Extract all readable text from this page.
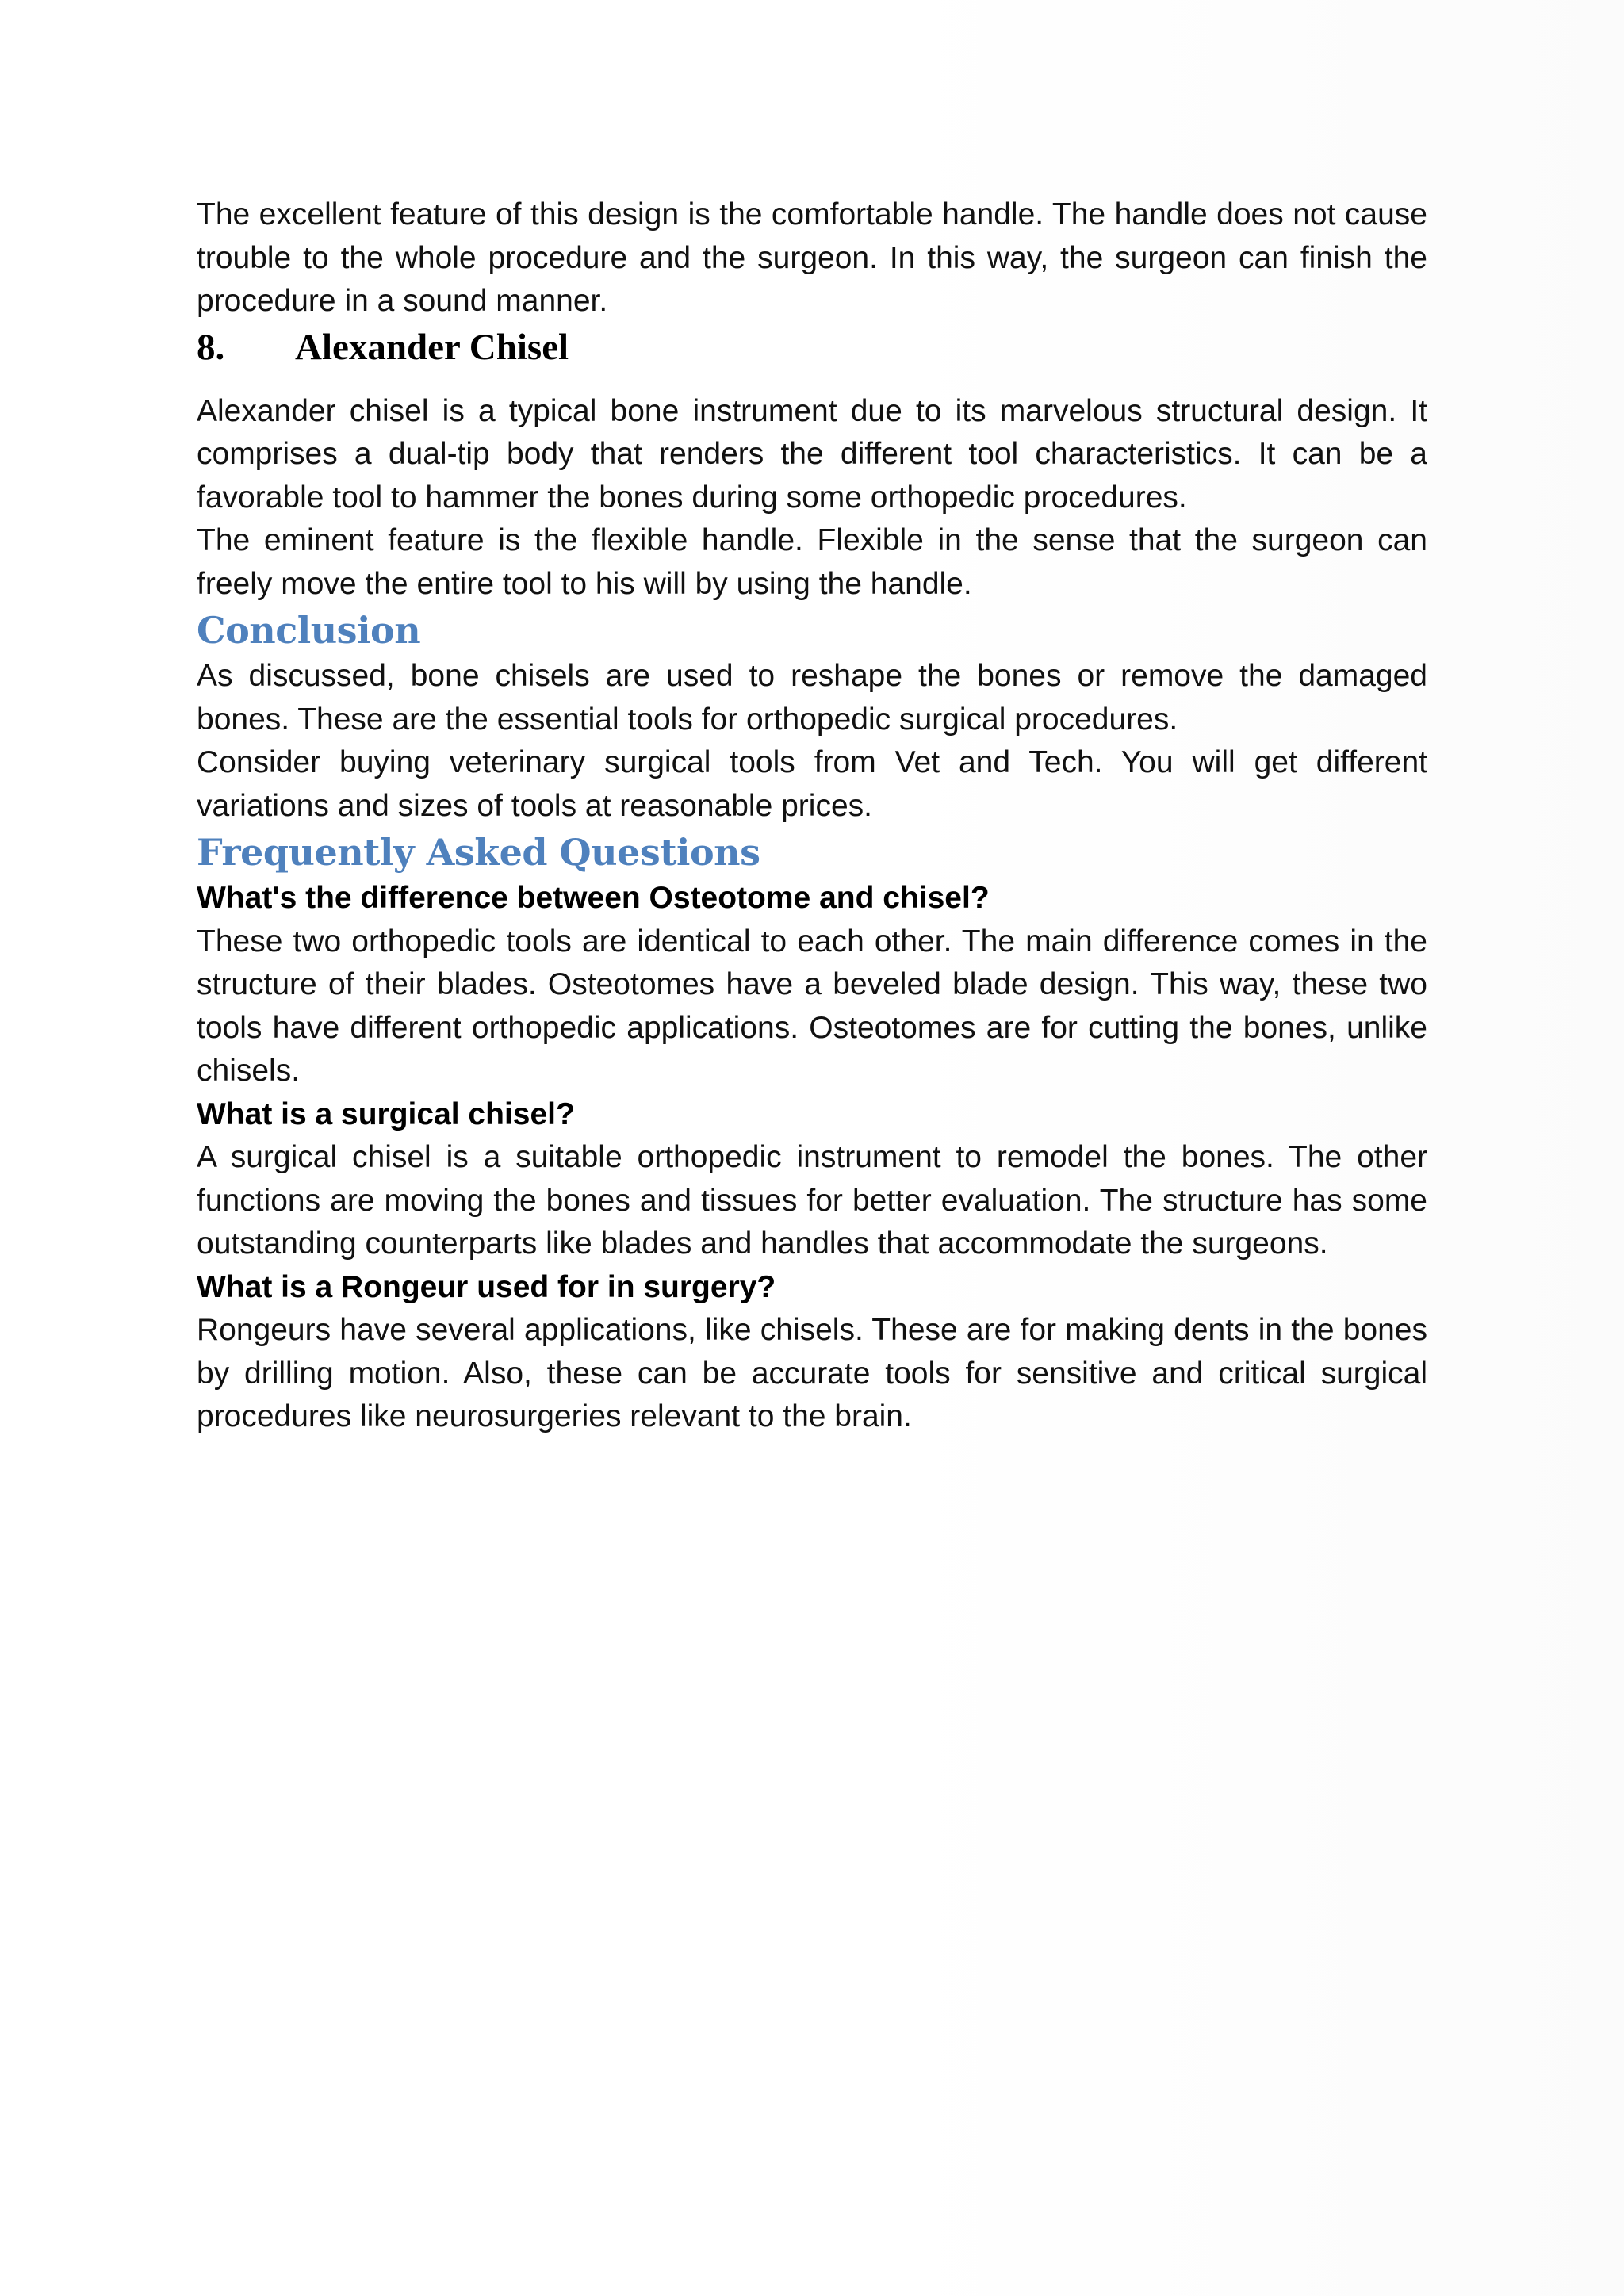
The excellent feature of this design is the comfortable handle. The handle does not cause trouble to the whole procedure and the surgeon. In this way, the surgeon can finish the procedure in a sound manner.

8.	Alexander Chisel

Alexander chisel is a typical bone instrument due to its marvelous structural design. It comprises a dual-tip body that renders the different tool characteristics. It can be a favorable tool to hammer the bones during some orthopedic procedures.

The eminent feature is the flexible handle. Flexible in the sense that the surgeon can freely move the entire tool to his will by using the handle.

Conclusion

As discussed, bone chisels are used to reshape the bones or remove the damaged bones. These are the essential tools for orthopedic surgical procedures.

Consider buying veterinary surgical tools from Vet and Tech. You will get different variations and sizes of tools at reasonable prices.

Frequently Asked Questions

What's the difference between Osteotome and chisel?

These two orthopedic tools are identical to each other. The main difference comes in the structure of their blades. Osteotomes have a beveled blade design. This way, these two tools have different orthopedic applications. Osteotomes are for cutting the bones, unlike chisels.

What is a surgical chisel?

A surgical chisel is a suitable orthopedic instrument to remodel the bones. The other functions are moving the bones and tissues for better evaluation. The structure has some outstanding counterparts like blades and handles that accommodate the surgeons.

What is a Rongeur used for in surgery?

Rongeurs have several applications, like chisels. These are for making dents in the bones by drilling motion. Also, these can be accurate tools for sensitive and critical surgical procedures like neurosurgeries relevant to the brain.
